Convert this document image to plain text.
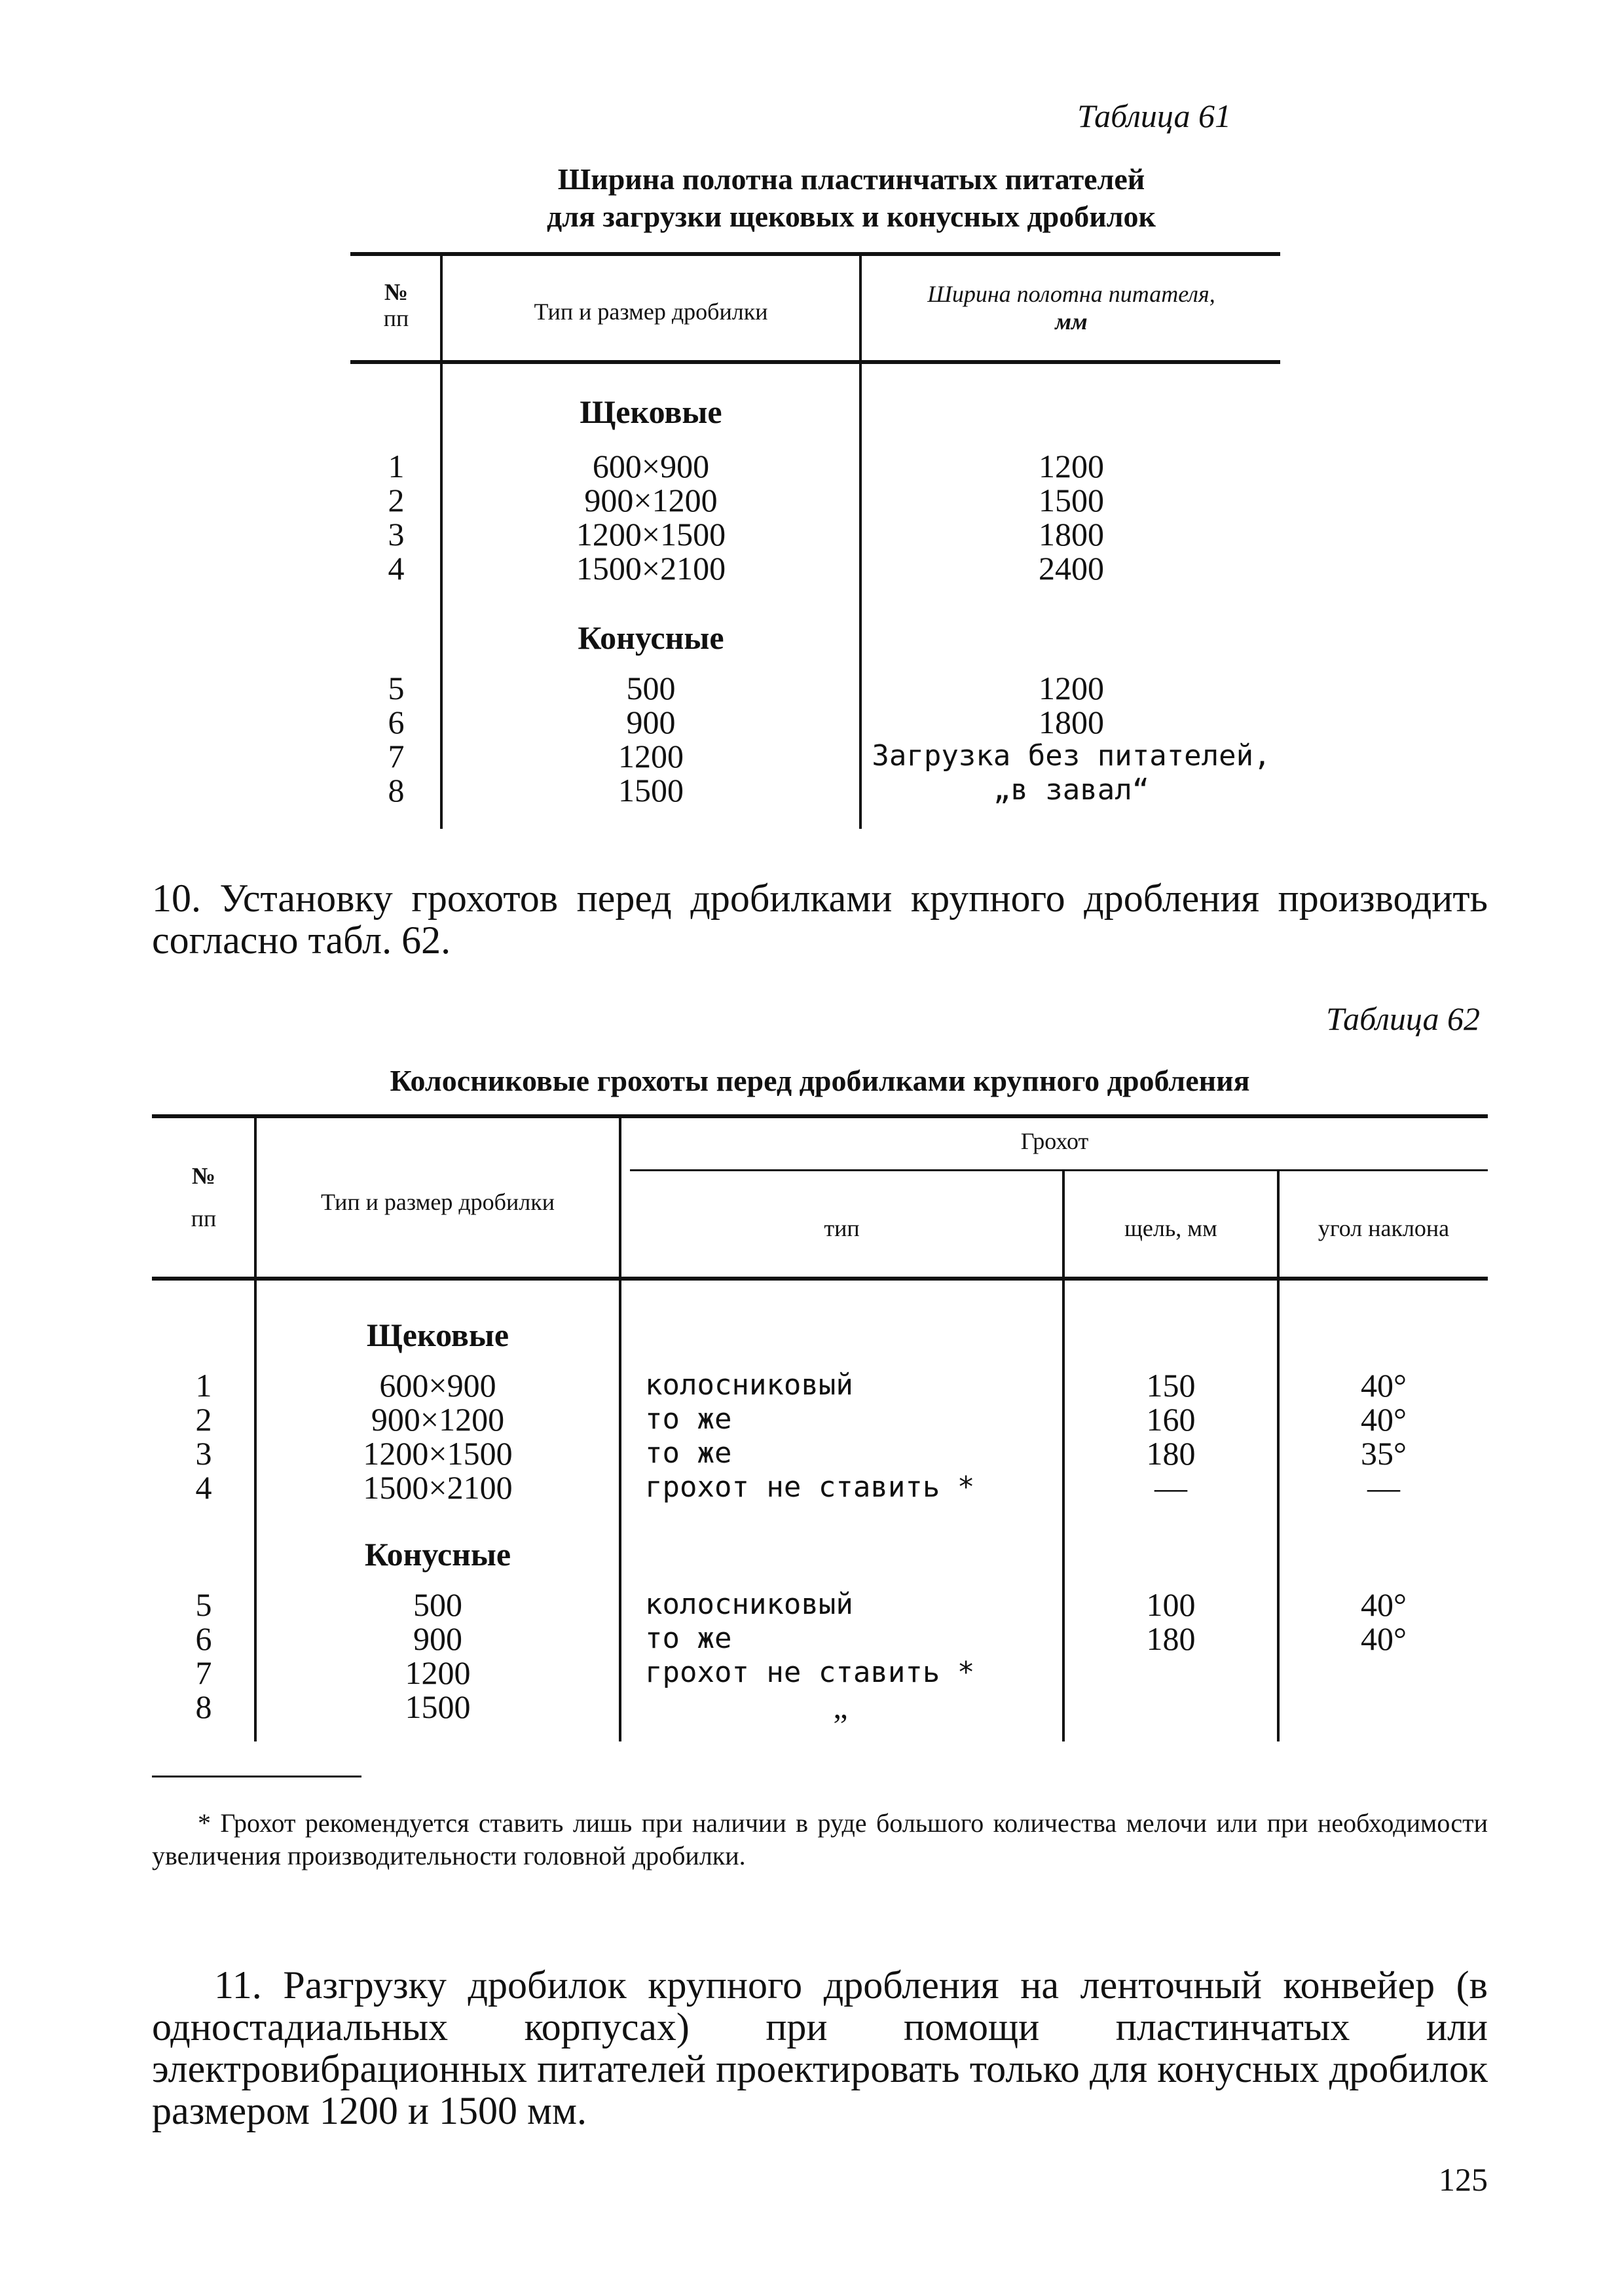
Таблица 61
Ширина полотна пластинчатых питателей
для загрузки щековых и конусных дробилок
№
пп	Тип и размер дробилки
Ширина полотна питателя,
мм
Щековые
1	600×900	1200
2	900×1200	1500
3	1200×1500	1800
4	1500×2100	2400
Конусные
5	500	1200
6	900	1800
7	1200	Загрузка без питателей,
8	1500	„в завал“
10. Установку грохотов перед дробилками крупного дробления производить согласно табл. 62.
Таблица 62
Колосниковые грохоты перед дробилками крупного дробления
№
пп
Тип и размер дробилки
Грохот
тип	щель, мм	угол наклона
Щековые
1	600×900	колосниковый	150	40°
2	900×1200	то же	160	40°
3	1200×1500	то же	180	35°
4	1500×2100	грохот не ставить *	—	—
Конусные
5	500	колосниковый	100	40°
6	900	то же	180	40°
7	1200	грохот не ставить *
8	1500	„
* Грохот рекомендуется ставить лишь при наличии в руде большого количества мелочи или при необходимости увеличения производительности головной дробилки.
11. Разгрузку дробилок крупного дробления на ленточный конвейер (в одностадиальных корпусах) при помощи пластинчатых или электровибрационных питателей проектировать только для конусных дробилок размером 1200 и 1500 мм.
125
